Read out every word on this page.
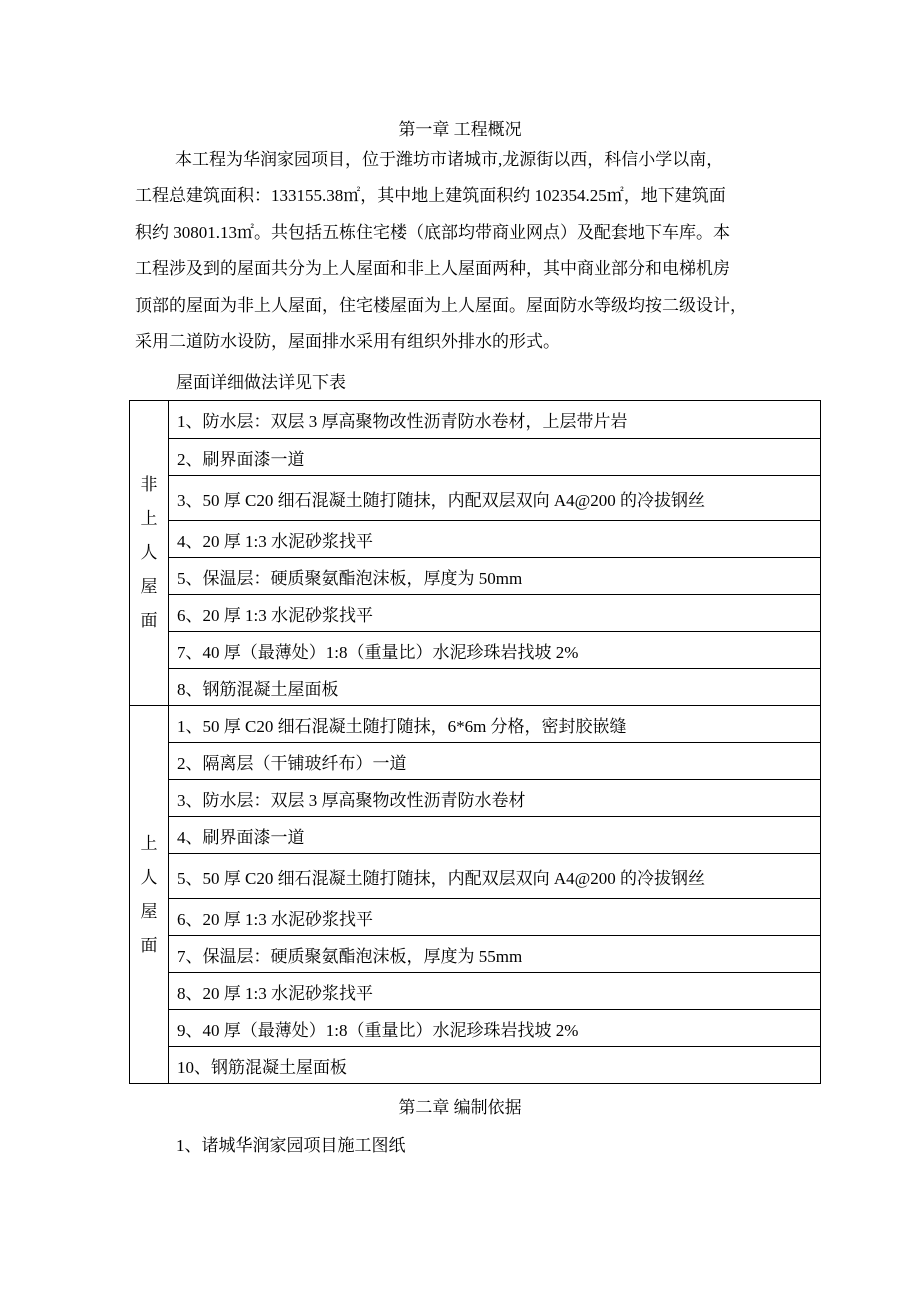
第一章 工程概况
本工程为华润家园项目，位于潍坊市诸城市,龙源街以西，科信小学以南，
工程总建筑面积：133155.38㎡，其中地上建筑面积约 102354.25㎡，地下建筑面
积约 30801.13㎡。共包括五栋住宅楼（底部均带商业网点）及配套地下车库。本
工程涉及到的屋面共分为上人屋面和非上人屋面两种，其中商业部分和电梯机房
顶部的屋面为非上人屋面，住宅楼屋面为上人屋面。屋面防水等级均按二级设计，
采用二道防水设防，屋面排水采用有组织外排水的形式。
屋面详细做法详见下表
非
上
人
屋
面	1、防水层：双层 3 厚高聚物改性沥青防水卷材，上层带片岩
	2、刷界面漆一道
	3、50 厚 C20 细石混凝土随打随抹，内配双层双向 A4@200 的冷拔钢丝
	4、20 厚 1:3 水泥砂浆找平
	5、保温层：硬质聚氨酯泡沫板，厚度为 50mm
	6、20 厚 1:3 水泥砂浆找平
	7、40 厚（最薄处）1:8（重量比）水泥珍珠岩找坡 2%
	8、钢筋混凝土屋面板

上
人
屋
面	1、50 厚 C20 细石混凝土随打随抹，6*6m 分格，密封胶嵌缝
	2、隔离层（干铺玻纤布）一道
	3、防水层：双层 3 厚高聚物改性沥青防水卷材
	4、刷界面漆一道
	5、50 厚 C20 细石混凝土随打随抹，内配双层双向 A4@200 的冷拔钢丝
	6、20 厚 1:3 水泥砂浆找平
	7、保温层：硬质聚氨酯泡沫板，厚度为 55mm
	8、20 厚 1:3 水泥砂浆找平
	9、40 厚（最薄处）1:8（重量比）水泥珍珠岩找坡 2%
	10、钢筋混凝土屋面板
第二章 编制依据
1、诸城华润家园项目施工图纸
